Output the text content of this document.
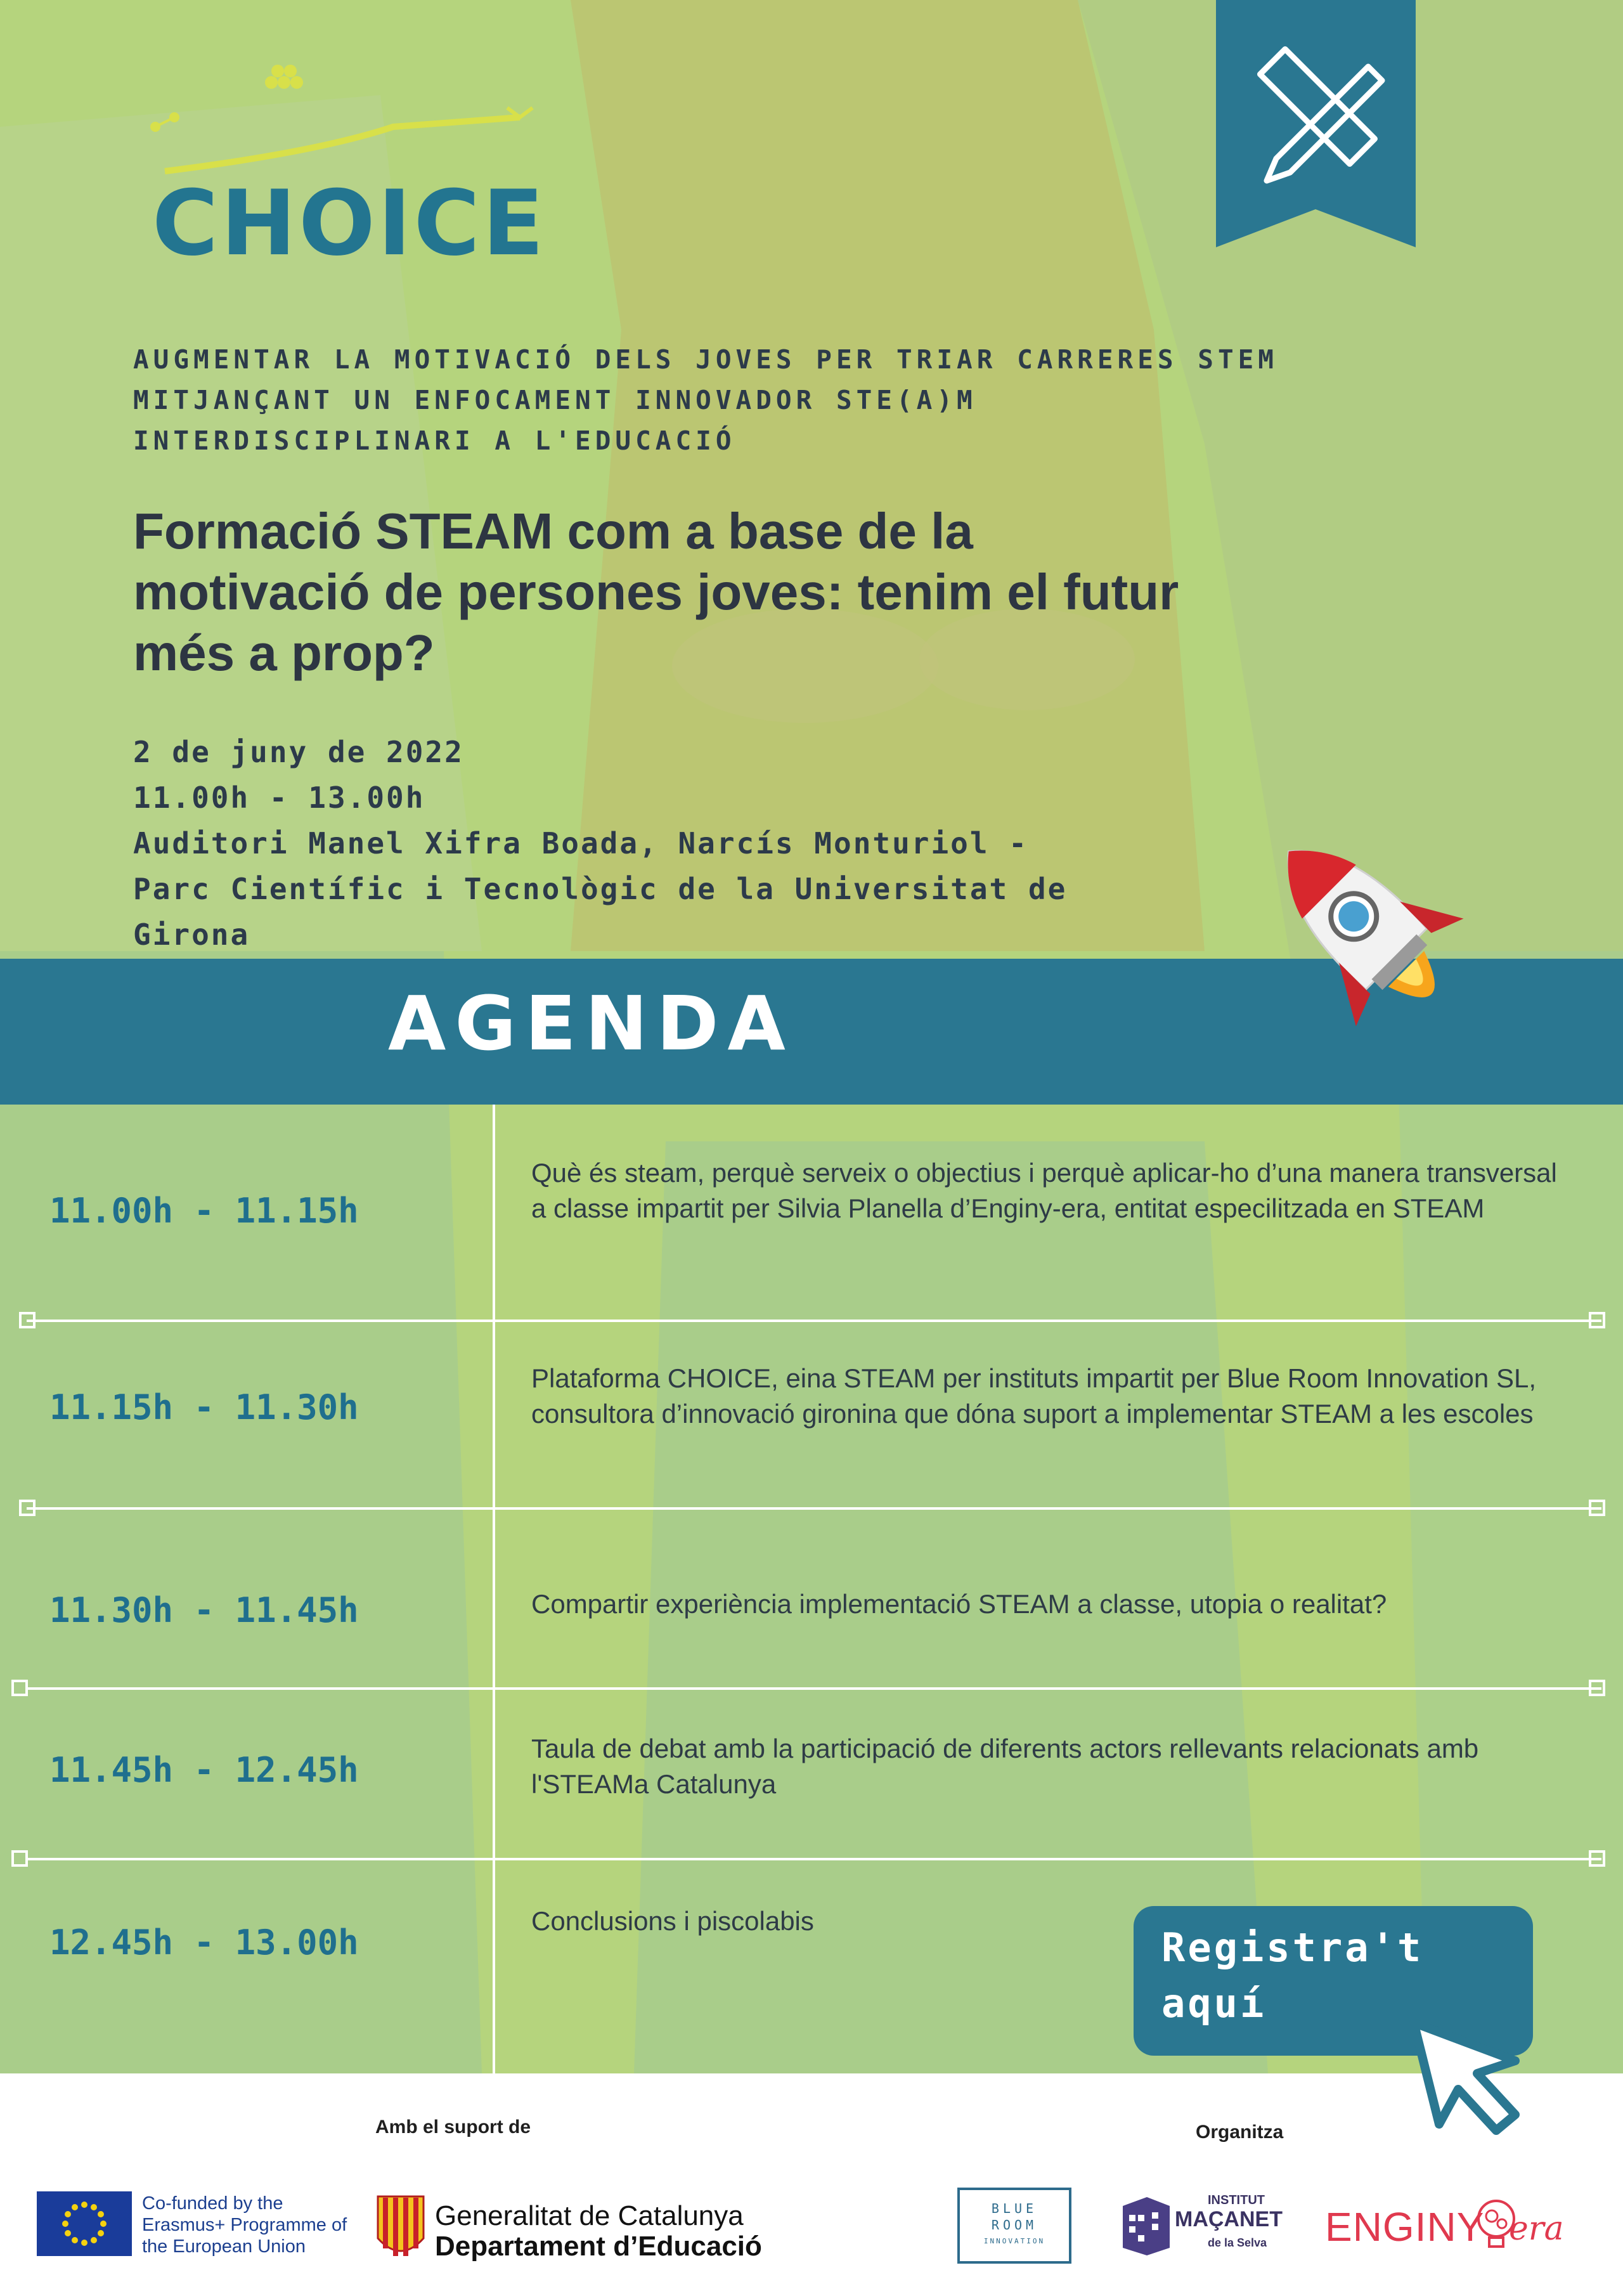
CHOICE
AUGMENTAR LA MOTIVACIÓ DELS JOVES PER TRIAR CARRERES STEM
MITJANÇANT UN ENFOCAMENT INNOVADOR STE(A)M
INTERDISCIPLINARI A L'EDUCACIÓ
Formació STEAM com a base de la
motivació de persones joves: tenim el futur
més a prop?
2 de juny de 2022
11.00h - 13.00h
Auditori Manel Xifra Boada, Narcís Monturiol -
Parc Científic i Tecnològic de la Universitat de
Girona
AGENDA
11.00h - 11.15h
Què és steam, perquè serveix o objectius i perquè aplicar-ho d’una manera transversal a classe impartit per Silvia Planella d’Enginy-era, entitat especilitzada en STEAM
11.15h - 11.30h
Plataforma CHOICE, eina STEAM per instituts impartit per Blue Room Innovation SL, consultora d’innovació gironina que dóna suport a implementar STEAM a les escoles
11.30h - 11.45h	Compartir experiència implementació STEAM a classe, utopia o realitat?
11.45h - 12.45h
Taula de debat amb la participació de diferents actors rellevants relacionats amb l'STEAMa Catalunya
12.45h - 13.00h
Conclusions i piscolabis
Registra't
aquí
Amb el suport de	Organitza
Co-funded by the Erasmus+ Programme of the European Union
Generalitat de Catalunya
Departament d’Educació
BLUE
ROOM
INNOVATION
INSTITUT
MAÇANET
de la Selva ENGINY era
